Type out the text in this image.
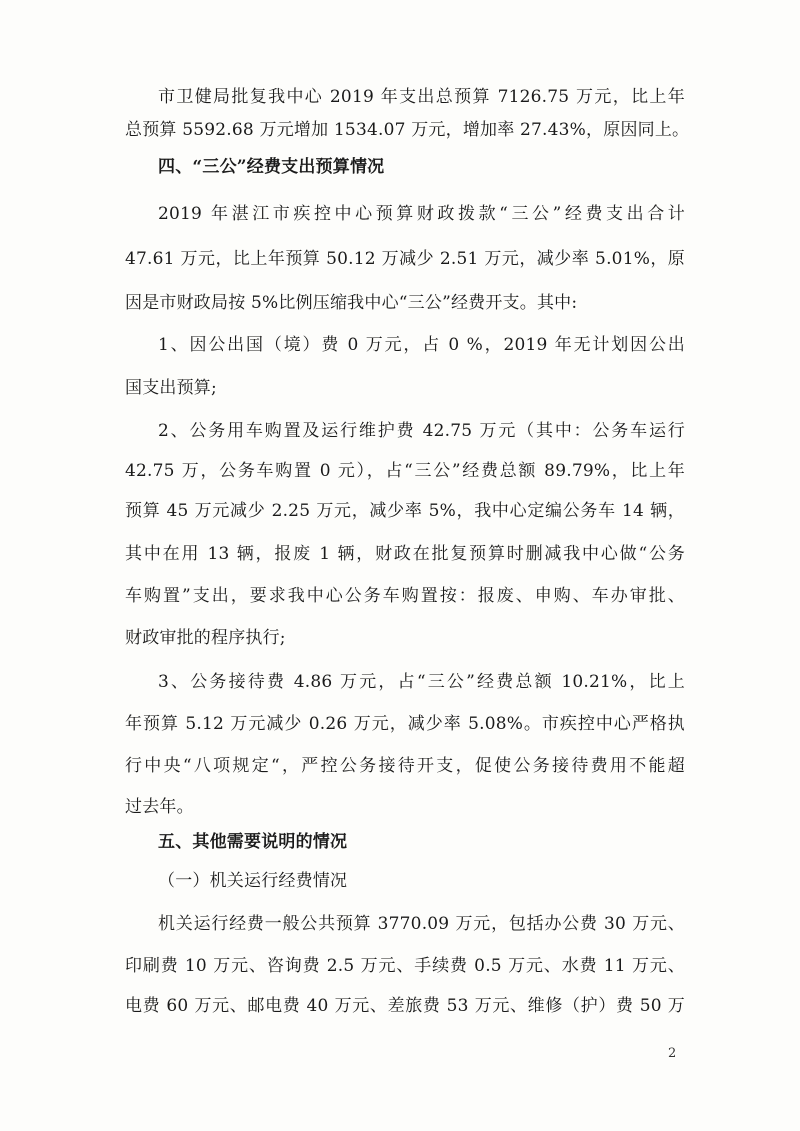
市卫健局批复我中心 2019 年支出总预算 7126.75 万元，比上年
总预算 5592.68 万元增加 1534.07 万元，增加率 27.43%，原因同上。
四、“三公”经费支出预算情况
2019 年湛江市疾控中心预算财政拨款“三公”经费支出合计
47.61 万元，比上年预算 50.12 万减少 2.51 万元，减少率 5.01%，原
因是市财政局按 5%比例压缩我中心“三公”经费开支。其中:
1、因公出国（境）费 0 万元，占 0 %，2019 年无计划因公出
国支出预算;
2、公务用车购置及运行维护费 42.75 万元（其中：公务车运行
42.75 万，公务车购置 0 元），占“三公”经费总额 89.79%，比上年
预算 45 万元减少 2.25 万元，减少率 5%，我中心定编公务车 14 辆，
其中在用 13 辆，报废 1 辆，财政在批复预算时删减我中心做“公务
车购置”支出，要求我中心公务车购置按：报废、申购、车办审批、
财政审批的程序执行;
3、公务接待费 4.86 万元，占“三公”经费总额 10.21%，比上
年预算 5.12 万元减少 0.26 万元，减少率 5.08%。市疾控中心严格执
行中央“八项规定“，严控公务接待开支，促使公务接待费用不能超
过去年。
五、其他需要说明的情况
（一）机关运行经费情况
机关运行经费一般公共预算 3770.09 万元，包括办公费 30 万元、
印刷费 10 万元、咨询费 2.5 万元、手续费 0.5 万元、水费 11 万元、
电费 60 万元、邮电费 40 万元、差旅费 53 万元、维修（护）费 50 万
2
